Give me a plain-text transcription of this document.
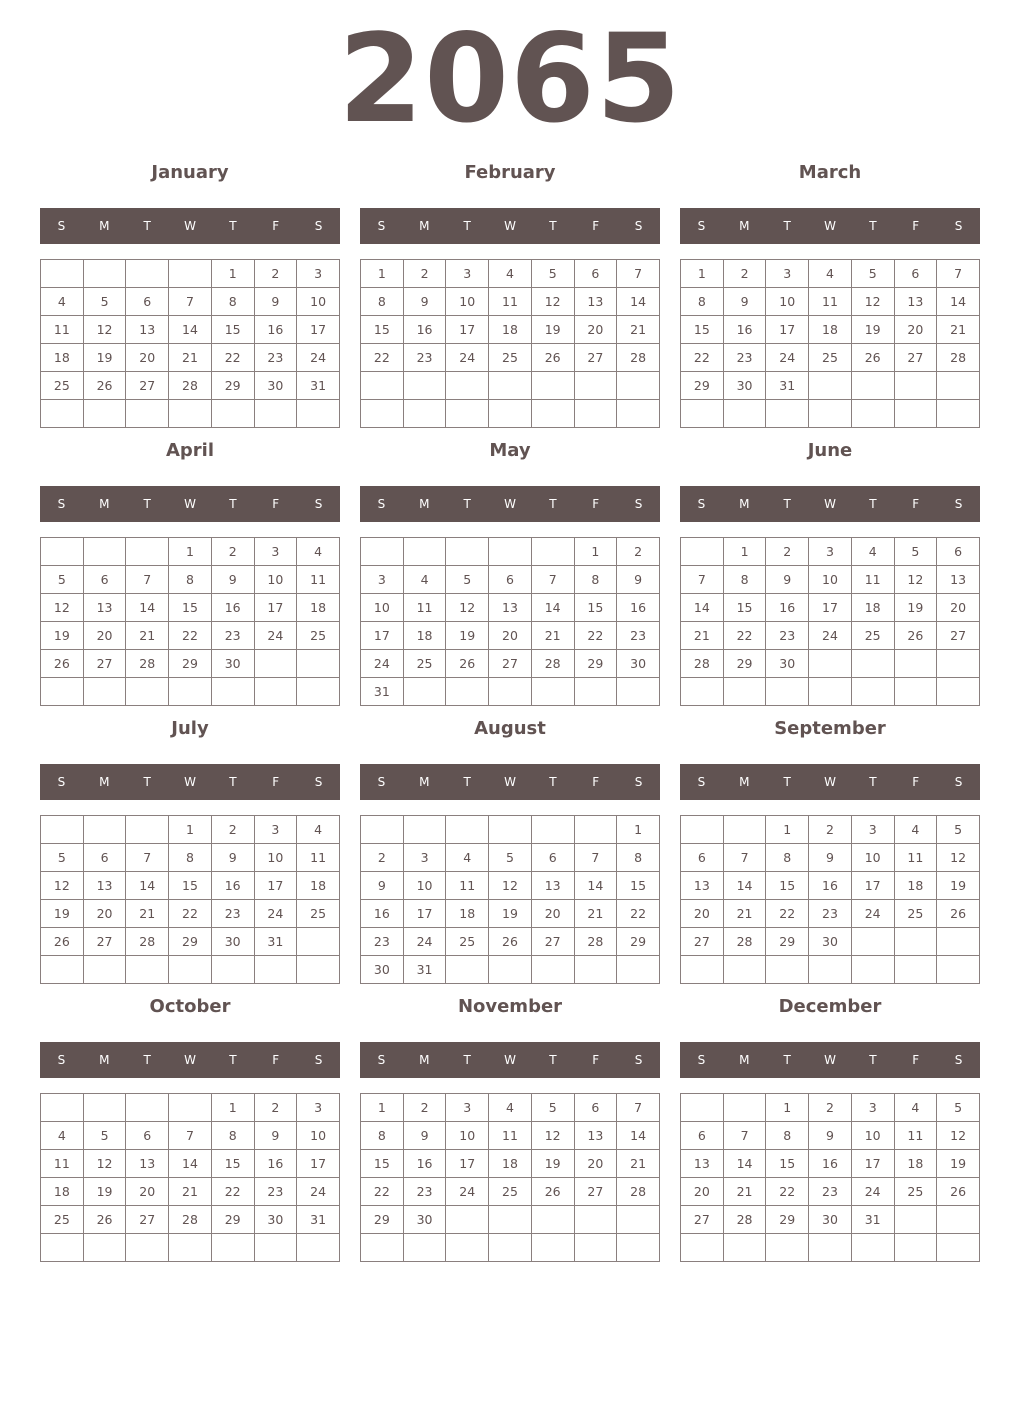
2065
January
S	M	T	W	T	F	S
				1	2	3
4	5	6	7	8	9	10
11	12	13	14	15	16	17
18	19	20	21	22	23	24
25	26	27	28	29	30	31

February
S	M	T	W	T	F	S
1	2	3	4	5	6	7
8	9	10	11	12	13	14
15	16	17	18	19	20	21
22	23	24	25	26	27	28

March
S	M	T	W	T	F	S
1	2	3	4	5	6	7
8	9	10	11	12	13	14
15	16	17	18	19	20	21
22	23	24	25	26	27	28
29	30	31				

April
S	M	T	W	T	F	S
			1	2	3	4
5	6	7	8	9	10	11
12	13	14	15	16	17	18
19	20	21	22	23	24	25
26	27	28	29	30		

May
S	M	T	W	T	F	S
					1	2
3	4	5	6	7	8	9
10	11	12	13	14	15	16
17	18	19	20	21	22	23
24	25	26	27	28	29	30
31						
June
S	M	T	W	T	F	S
	1	2	3	4	5	6
7	8	9	10	11	12	13
14	15	16	17	18	19	20
21	22	23	24	25	26	27
28	29	30				

July
S	M	T	W	T	F	S
			1	2	3	4
5	6	7	8	9	10	11
12	13	14	15	16	17	18
19	20	21	22	23	24	25
26	27	28	29	30	31	

August
S	M	T	W	T	F	S
						1
2	3	4	5	6	7	8
9	10	11	12	13	14	15
16	17	18	19	20	21	22
23	24	25	26	27	28	29
30	31					
September
S	M	T	W	T	F	S
		1	2	3	4	5
6	7	8	9	10	11	12
13	14	15	16	17	18	19
20	21	22	23	24	25	26
27	28	29	30			

October
S	M	T	W	T	F	S
				1	2	3
4	5	6	7	8	9	10
11	12	13	14	15	16	17
18	19	20	21	22	23	24
25	26	27	28	29	30	31

November
S	M	T	W	T	F	S
1	2	3	4	5	6	7
8	9	10	11	12	13	14
15	16	17	18	19	20	21
22	23	24	25	26	27	28
29	30					

December
S	M	T	W	T	F	S
		1	2	3	4	5
6	7	8	9	10	11	12
13	14	15	16	17	18	19
20	21	22	23	24	25	26
27	28	29	30	31		
